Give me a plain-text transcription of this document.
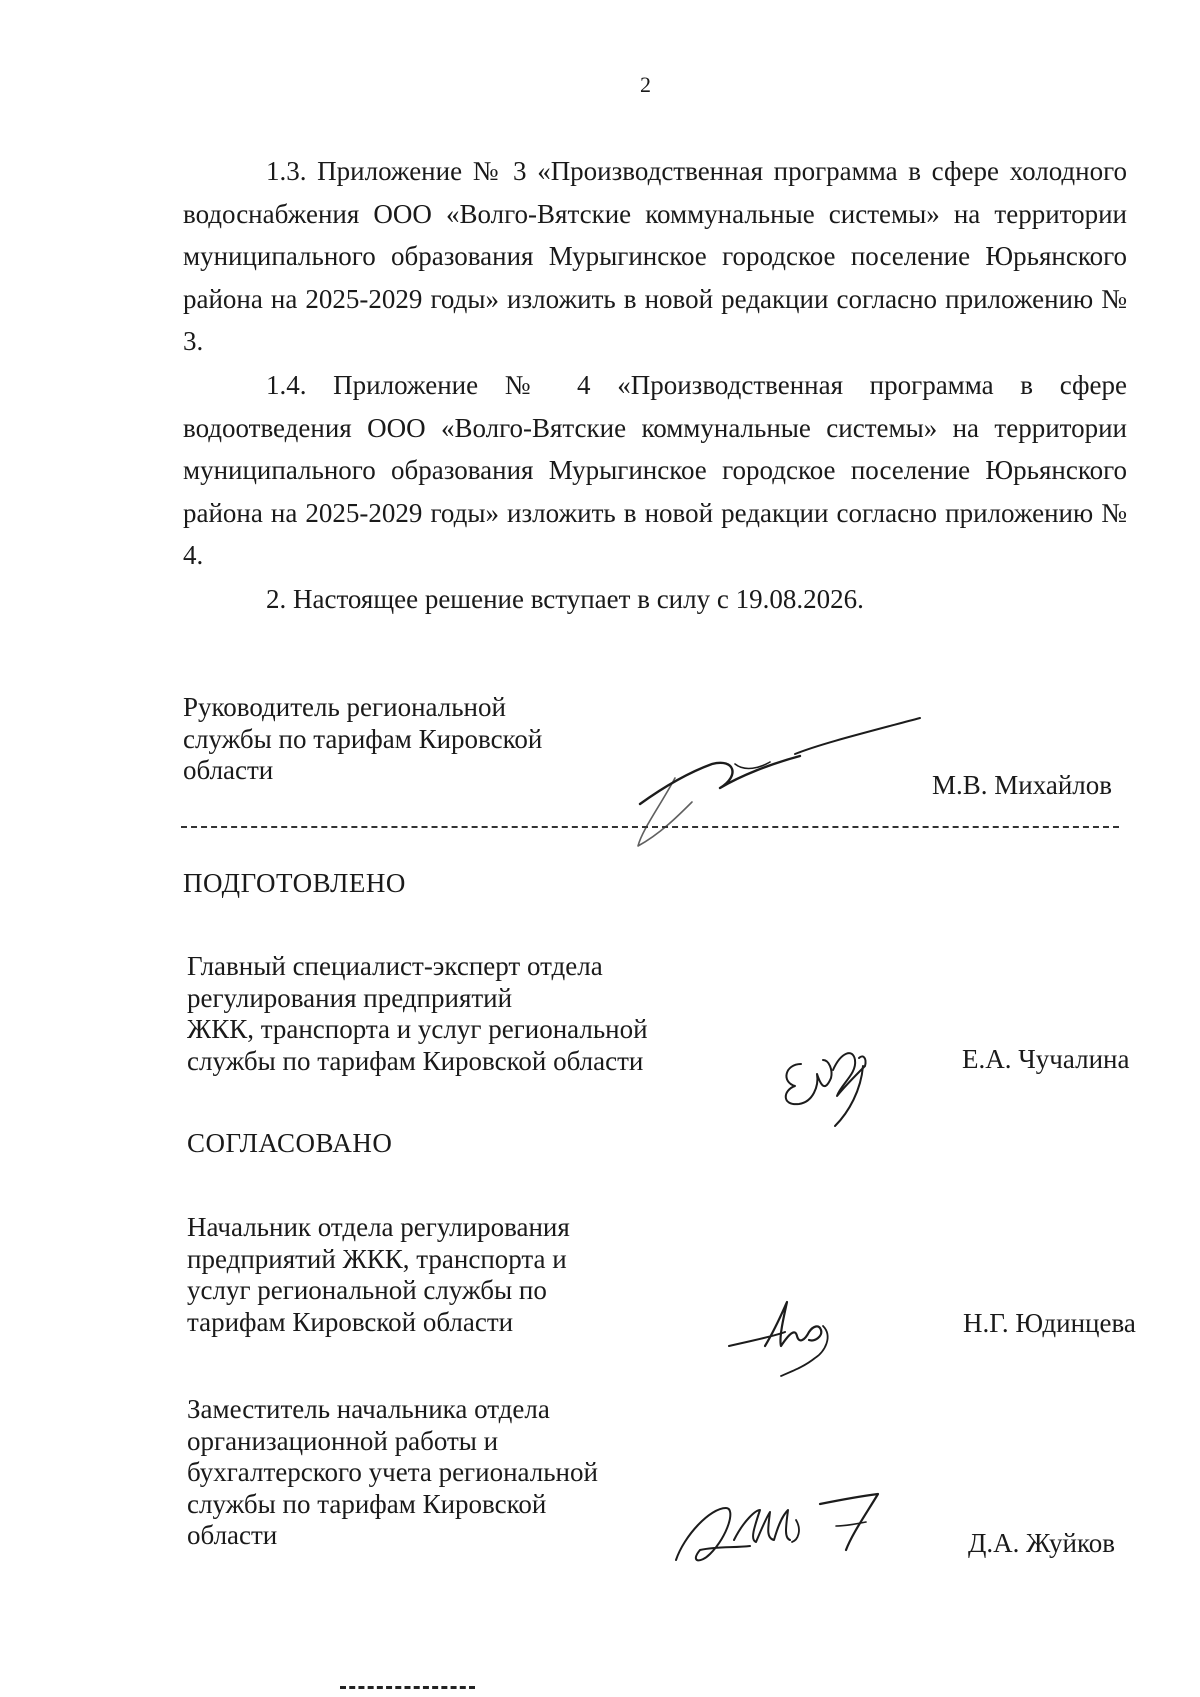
2
1.3. Приложение № 3 «Производственная программа в сфере холодного водоснабжения ООО «Волго-Вятские коммунальные системы» на территории муниципального образования Мурыгинское городское поселение Юрьянского района на 2025-2029 годы» изложить в новой редакции согласно приложению № 3.
1.4. Приложение № 4 «Производственная программа в сфере водоотведения ООО «Волго-Вятские коммунальные системы» на территории муниципального образования Мурыгинское городское поселение Юрьянского района на 2025-2029 годы» изложить в новой редакции согласно приложению № 4.
2. Настоящее решение вступает в силу с 19.08.2026.
Руководитель региональной
службы по тарифам Кировской
области	М.В. Михайлов
ПОДГОТОВЛЕНО
Главный специалист-эксперт отдела
регулирования предприятий
ЖКК, транспорта и услуг региональной
службы по тарифам Кировской области	Е.А. Чучалина
СОГЛАСОВАНО
Начальник отдела регулирования
предприятий ЖКК, транспорта и
услуг региональной службы по
тарифам Кировской области	Н.Г. Юдинцева
Заместитель начальника отдела
организационной работы и
бухгалтерского учета региональной
службы по тарифам Кировской
области	Д.А. Жуйков
